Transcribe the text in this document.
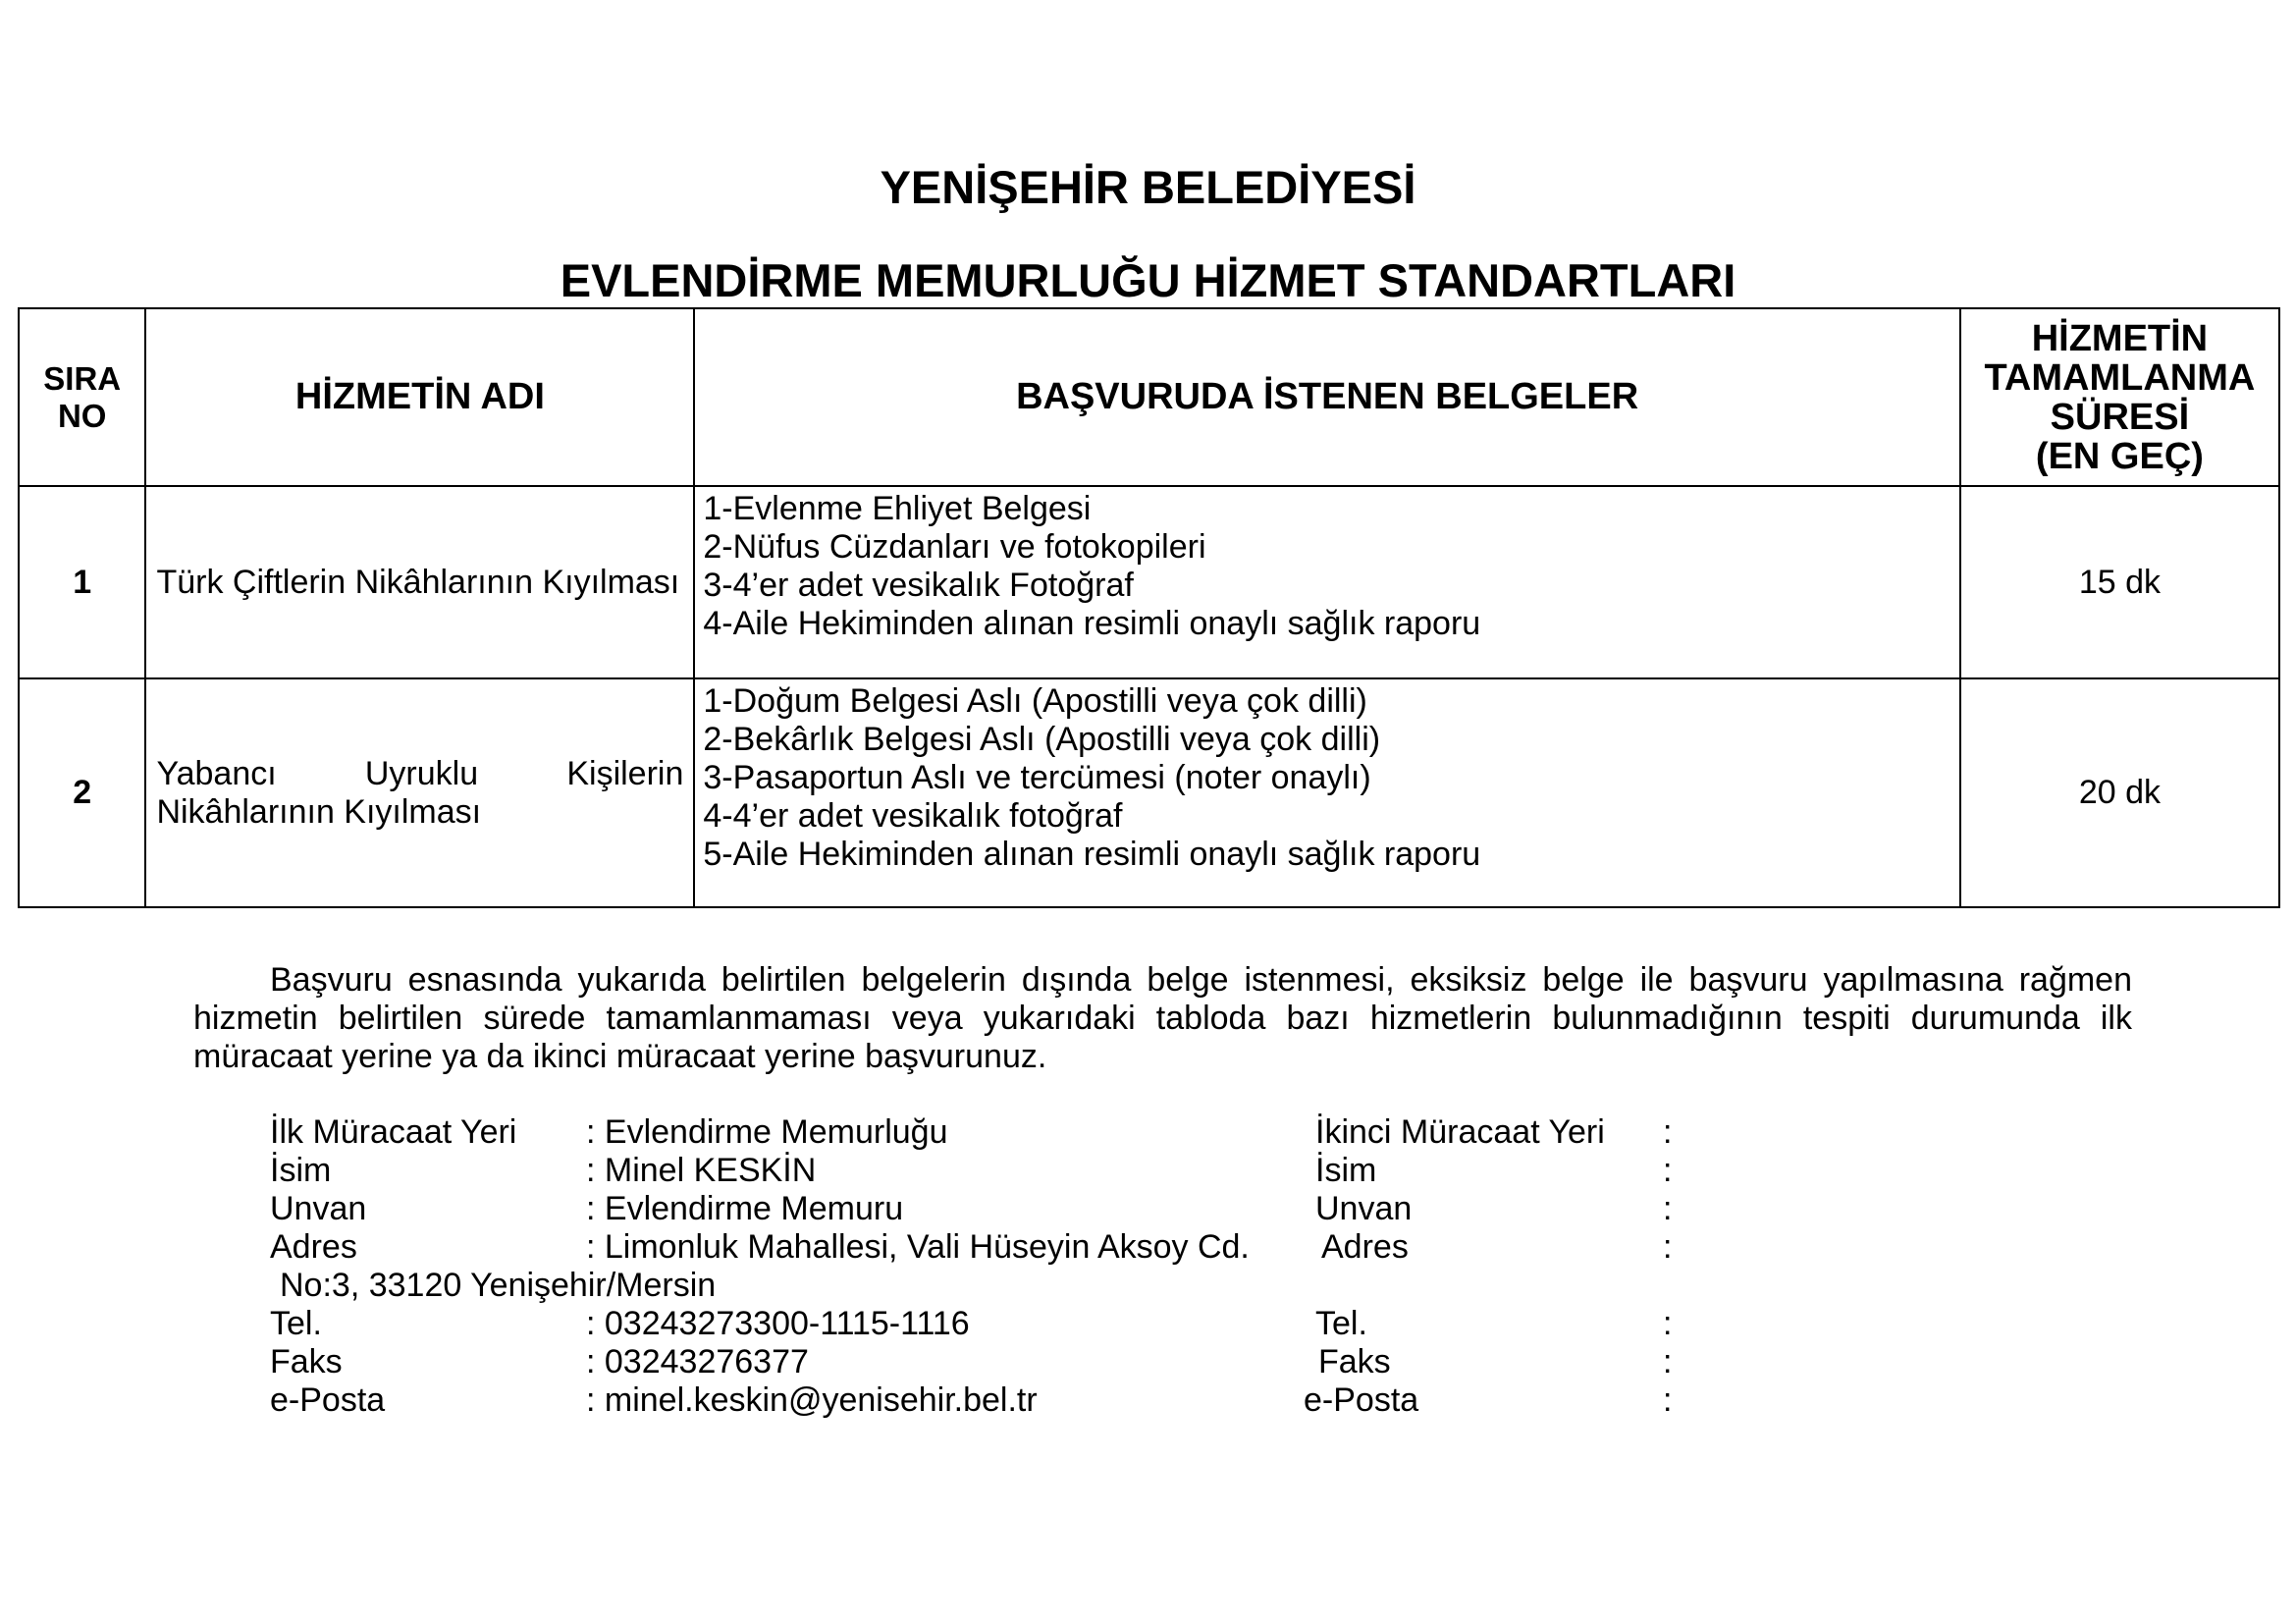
YENİŞEHİR BELEDİYESİ
EVLENDİRME MEMURLUĞU HİZMET STANDARTLARI
SIRA
NO	HİZMETİN ADI	BAŞVURUDA İSTENEN BELGELER	HİZMETİN
TAMAMLANMA
SÜRESİ
(EN GEÇ)
1	Türk Çiftlerin Nikâhlarının Kıyılması	1-Evlenme Ehliyet Belgesi
2-Nüfus Cüzdanları ve fotokopileri
3-4’er adet vesikalık Fotoğraf
4-Aile Hekiminden alınan resimli onaylı sağlık raporu	15 dk
2	Yabancı Uyruklu Kişilerin Nikâhlarının Kıyılması	1-Doğum Belgesi Aslı (Apostilli veya çok dilli)
2-Bekârlık Belgesi Aslı (Apostilli veya çok dilli)
3-Pasaportun Aslı ve tercümesi (noter onaylı)
4-4’er adet vesikalık fotoğraf
5-Aile Hekiminden alınan resimli onaylı sağlık raporu	20 dk
Başvuru esnasında yukarıda belirtilen belgelerin dışında belge istenmesi, eksiksiz belge ile başvuru yapılmasına rağmen hizmetin belirtilen sürede tamamlanmaması veya yukarıdaki tabloda bazı hizmetlerin bulunmadığının tespiti durumunda ilk müracaat yerine ya da ikinci müracaat yerine başvurunuz.
İlk Müracaat Yeri : Evlendirme Memurluğu
İsim	: Minel KESKİN
Unvan	: Evlendirme Memuru
Adres	: Limonluk Mahallesi, Vali Hüseyin Aksoy Cd.
No:3, 33120 Yenişehir/Mersin
Tel.	: 03243273300-1115-1116
Faks	: 03243276377
e-Posta	: minel.keskin@yenisehir.bel.tr
İkinci Müracaat Yeri :
İsim	:
Unvan	:
Adres	:
Tel.	:
Faks	:
e-Posta	:
